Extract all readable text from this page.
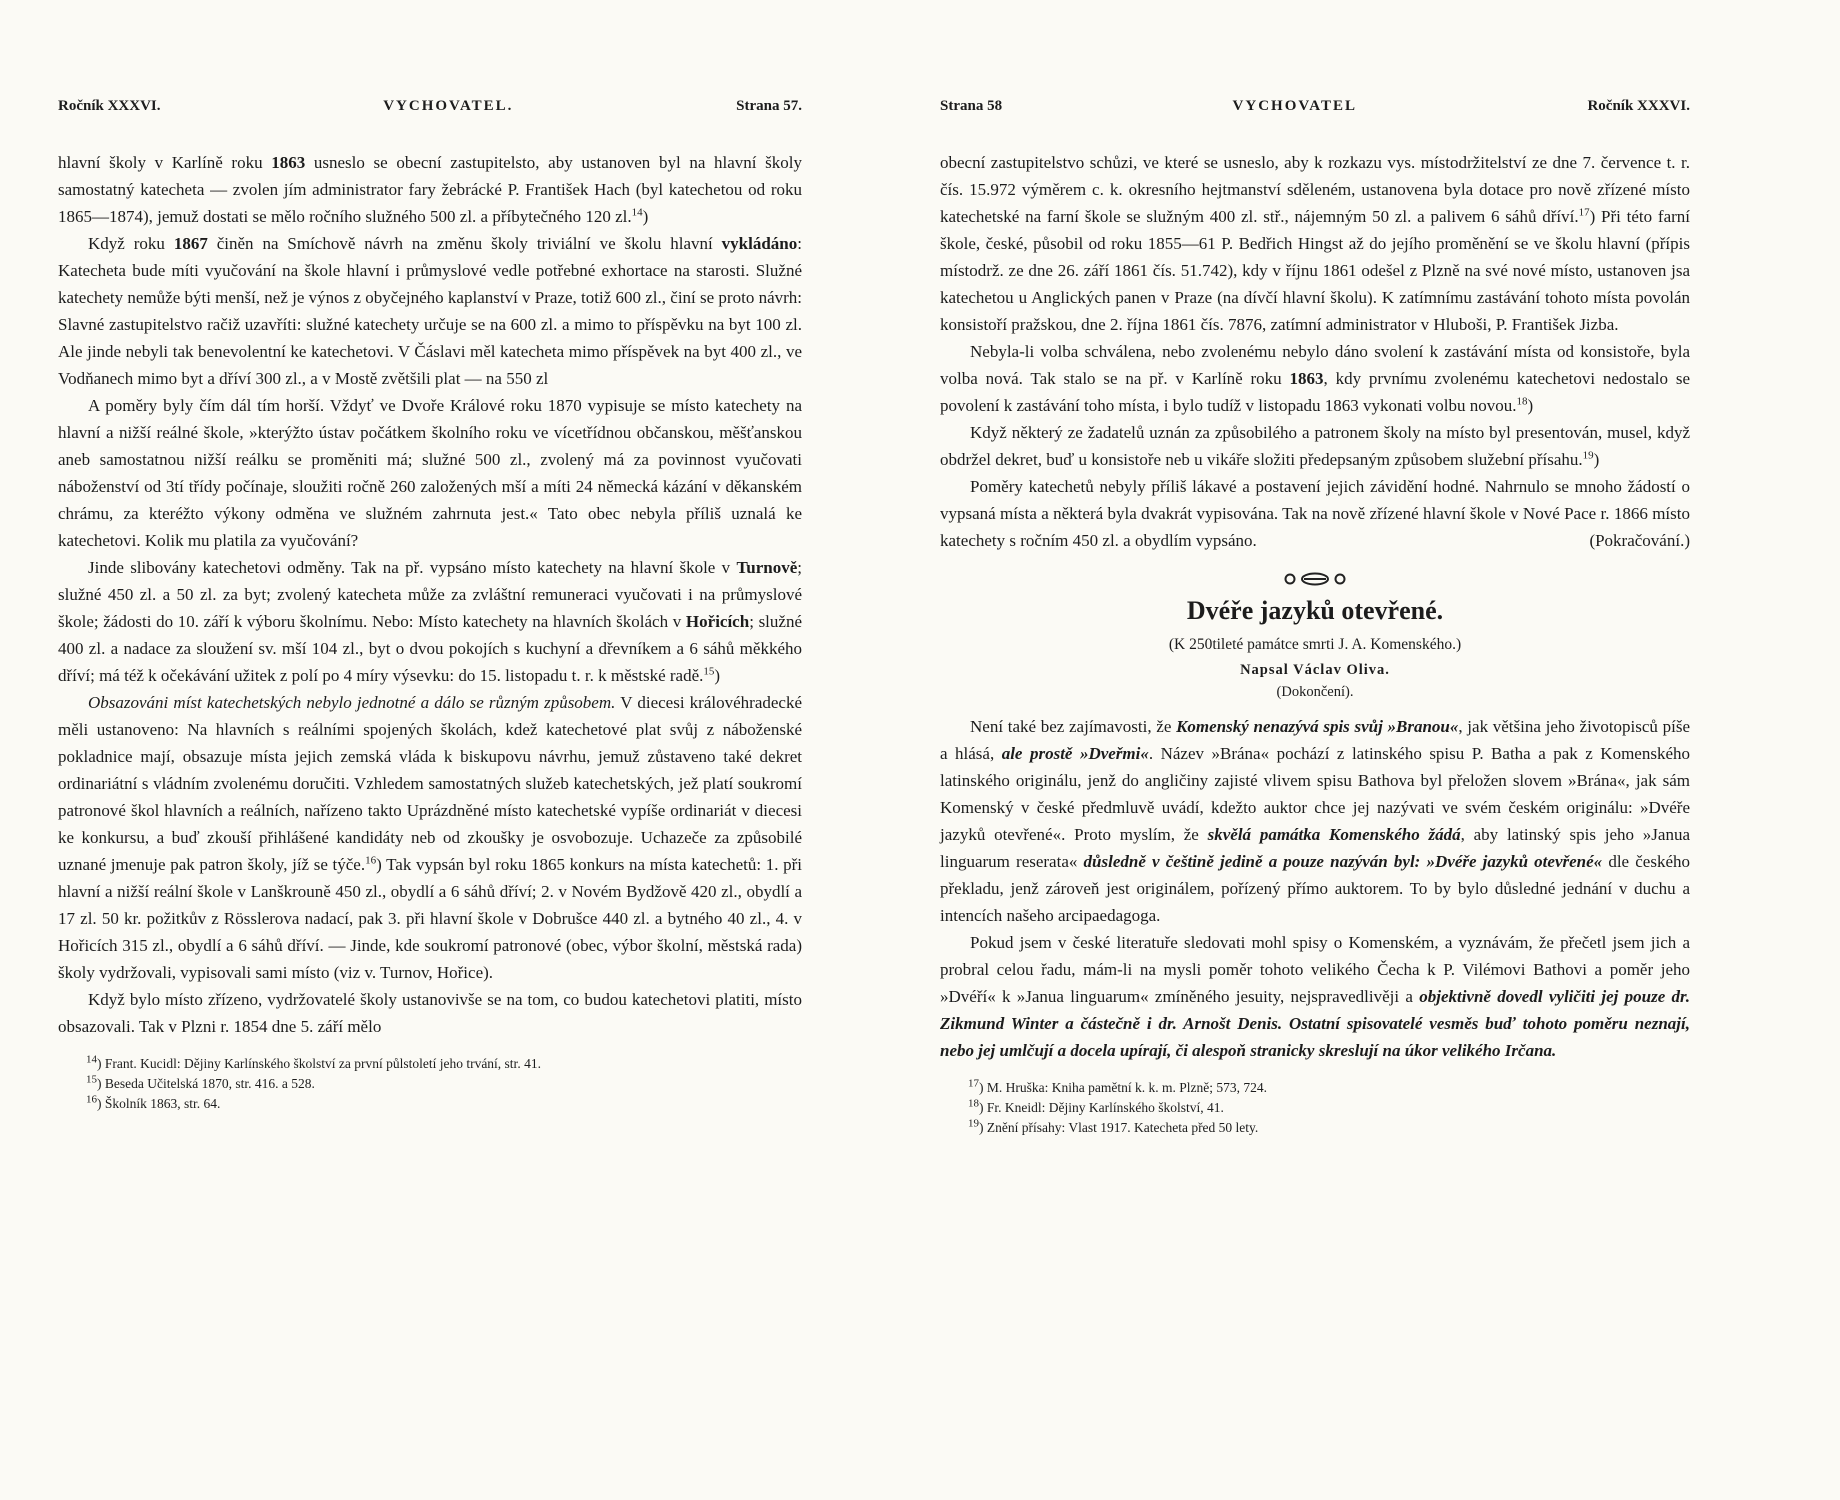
Ročník XXXVI.	VYCHOVATEL.	Strana 57.

hlavní školy v Karlíně roku 1863 usneslo se obecní zastupitelsto, aby ustanoven byl na hlavní školy samostatný katecheta — zvolen jím administrator fary žebrácké P. František Hach (byl katechetou od roku 1865—1874), jemuž dostati se mělo ročního služného 500 zl. a příbytečného 120 zl.$^{14}$)

Když roku 1867 činěn na Smíchově návrh na změnu školy triviální ve školu hlavní vykládáno: Katecheta bude míti vyučování na škole hlavní i průmyslové vedle potřebné exhortace na starosti. Služné katechety nemůže býti menší, než je výnos z obyčejného kaplanství v Praze, totiž 600 zl., činí se proto návrh: Slavné zastupitelstvo račiž uzavříti: služné katechety určuje se na 600 zl. a mimo to příspěvku na byt 100 zl. Ale jinde nebyli tak benevolentní ke katechetovi. V Čáslavi měl katecheta mimo příspěvek na byt 400 zl., ve Vodňanech mimo byt a dříví 300 zl., a v Mostě zvětšili plat — na 550 zl

A poměry byly čím dál tím horší. Vždyť ve Dvoře Králové roku 1870 vypisuje se místo katechety na hlavní a nižší reálné škole, »kterýžto ústav počátkem školního roku ve vícetřídnou občanskou, měšťanskou aneb samostatnou nižší reálku se proměniti má; služné 500 zl., zvolený má za povinnost vyučovati náboženství od 3tí třídy počínaje, sloužiti ročně 260 založených mší a míti 24 německá kázání v děkanském chrámu, za kteréžto výkony odměna ve služném zahrnuta jest.« Tato obec nebyla příliš uznalá ke katechetovi. Kolik mu platila za vyučování?

Jinde slibovány katechetovi odměny. Tak na př. vypsáno místo katechety na hlavní škole v Turnově; služné 450 zl. a 50 zl. za byt; zvolený katecheta může za zvláštní remuneraci vyučovati i na průmyslové škole; žádosti do 10. září k výboru školnímu. Nebo: Místo katechety na hlavních školách v Hořicích; služné 400 zl. a nadace za sloužení sv. mší 104 zl., byt o dvou pokojích s kuchyní a dřevníkem a 6 sáhů měkkého dříví; má též k očekávání užitek z polí po 4 míry výsevku: do 15. listopadu t. r. k městské radě.$^{15}$)

Obsazováni míst katechetských nebylo jednotné a dálo se různým způsobem. V diecesi královéhradecké měli ustanoveno: Na hlavních s reálními spojených školách, kdež katechetové plat svůj z náboženské pokladnice mají, obsazuje místa jejich zemská vláda k biskupovu návrhu, jemuž zůstaveno také dekret ordinariátní s vládním zvolenému doručiti. Vzhledem samostatných služeb katechetských, jež platí soukromí patronové škol hlavních a reálních, nařízeno takto Uprázdněné místo katechetské vypíše ordinariát v diecesi ke konkursu, a buď zkouší přihlášené kandidáty neb od zkoušky je osvobozuje. Uchazeče za způsobilé uznané jmenuje pak patron školy, jíž se týče.$^{16}$) Tak vypsán byl roku 1865 konkurs na místa katechetů: 1. při hlavní a nižší reální škole v Lanškrouně 450 zl., obydlí a 6 sáhů dříví; 2. v Novém Bydžově 420 zl., obydlí a 17 zl. 50 kr. požitkův z Rösslerova nadací, pak 3. při hlavní škole v Dobrušce 440 zl. a bytného 40 zl., 4. v Hořicích 315 zl., obydlí a 6 sáhů dříví. — Jinde, kde soukromí patronové (obec, výbor školní, městská rada) školy vydržovali, vypisovali sami místo (viz v. Turnov, Hořice).

Když bylo místo zřízeno, vydržovatelé školy ustanovivše se na tom, co budou katechetovi platiti, místo obsazovali. Tak v Plzni r. 1854 dne 5. září mělo

$^{14}$) Frant. Kucidl: Dějiny Karlínského školství za první půlstoletí jeho trvání, str. 41.

$^{15}$) Beseda Učitelská 1870, str. 416. a 528.

$^{16}$) Školník 1863, str. 64.

Strana 58	VYCHOVATEL	Ročník XXXVI.

obecní zastupitelstvo schůzi, ve které se usneslo, aby k rozkazu vys. místodržitelství ze dne 7. července t. r. čís. 15.972 výměrem c. k. okresního hejtmanství sděleném, ustanovena byla dotace pro nově zřízené místo katechetské na farní škole se služným 400 zl. stř., nájemným 50 zl. a palivem 6 sáhů dříví.$^{17}$) Při této farní škole, české, působil od roku 1855—61 P. Bedřich Hingst až do jejího proměnění se ve školu hlavní (přípis místodrž. ze dne 26. září 1861 čís. 51.742), kdy v říjnu 1861 odešel z Plzně na své nové místo, ustanoven jsa katechetou u Anglických panen v Praze (na dívčí hlavní školu). K zatímnímu zastávání tohoto místa povolán konsistoří pražskou, dne 2. října 1861 čís. 7876, zatímní administrator v Hluboši, P. František Jizba.

Nebyla-li volba schválena, nebo zvolenému nebylo dáno svolení k zastávání místa od konsistoře, byla volba nová. Tak stalo se na př. v Karlíně roku 1863, kdy prvnímu zvolenému katechetovi nedostalo se povolení k zastávání toho místa, i bylo tudíž v listopadu 1863 vykonati volbu novou.$^{18}$)

Když některý ze žadatelů uznán za způsobilého a patronem školy na místo byl presentován, musel, když obdržel dekret, buď u konsistoře neb u vikáře složiti předepsaným způsobem služební přísahu.$^{19}$)

Poměry katechetů nebyly příliš lákavé a postavení jejich závidění hodné. Nahrnulo se mnoho žádostí o vypsaná místa a některá byla dvakrát vypisována. Tak na nově zřízené hlavní škole v Nové Pace r. 1866 místo katechety s ročním 450 zl. a obydlím vypsáno.	(Pokračování.)

Dvéře jazyků otevřené.
(K 250tileté památce smrti J. A. Komenského.)
Napsal Václav Oliva.
(Dokončení).

Není také bez zajímavosti, že Komenský nenazývá spis svůj »Branou«, jak většina jeho životopisců píše a hlásá, ale prostě »Dveřmi«. Název »Brána« pochází z latinského spisu P. Batha a pak z Komenského latinského originálu, jenž do angličiny zajisté vlivem spisu Bathova byl přeložen slovem »Brána«, jak sám Komenský v české předmluvě uvádí, kdežto auktor chce jej nazývati ve svém českém originálu: »Dvéře jazyků otevřené«. Proto myslím, že skvělá památka Komenského žádá, aby latinský spis jeho »Janua linguarum reserata« důsledně v češtině jedině a pouze nazýván byl: »Dvéře jazyků otevřené« dle českého překladu, jenž zároveň jest originálem, pořízený přímo auktorem. To by bylo důsledné jednání v duchu a intencích našeho arcipaedagoga.

Pokud jsem v české literatuře sledovati mohl spisy o Komenském, a vyznávám, že přečetl jsem jich a probral celou řadu, mám-li na mysli poměr tohoto velikého Čecha k P. Vilémovi Bathovi a poměr jeho »Dvéří« k »Janua linguarum« zmíněného jesuity, nejspravedlivěji a objektivně dovedl vyličiti jej pouze dr. Zikmund Winter a částečně i dr. Arnošt Denis. Ostatní spisovatelé vesměs buď tohoto poměru neznají, nebo jej umlčují a docela upírají, či alespoň stranicky skreslují na úkor velikého Irčana.

$^{17}$) M. Hruška: Kniha pamětní k. k. m. Plzně; 573, 724.

$^{18}$) Fr. Kneidl: Dějiny Karlínského školství, 41.

$^{19}$) Znění přísahy: Vlast 1917. Katecheta před 50 lety.
